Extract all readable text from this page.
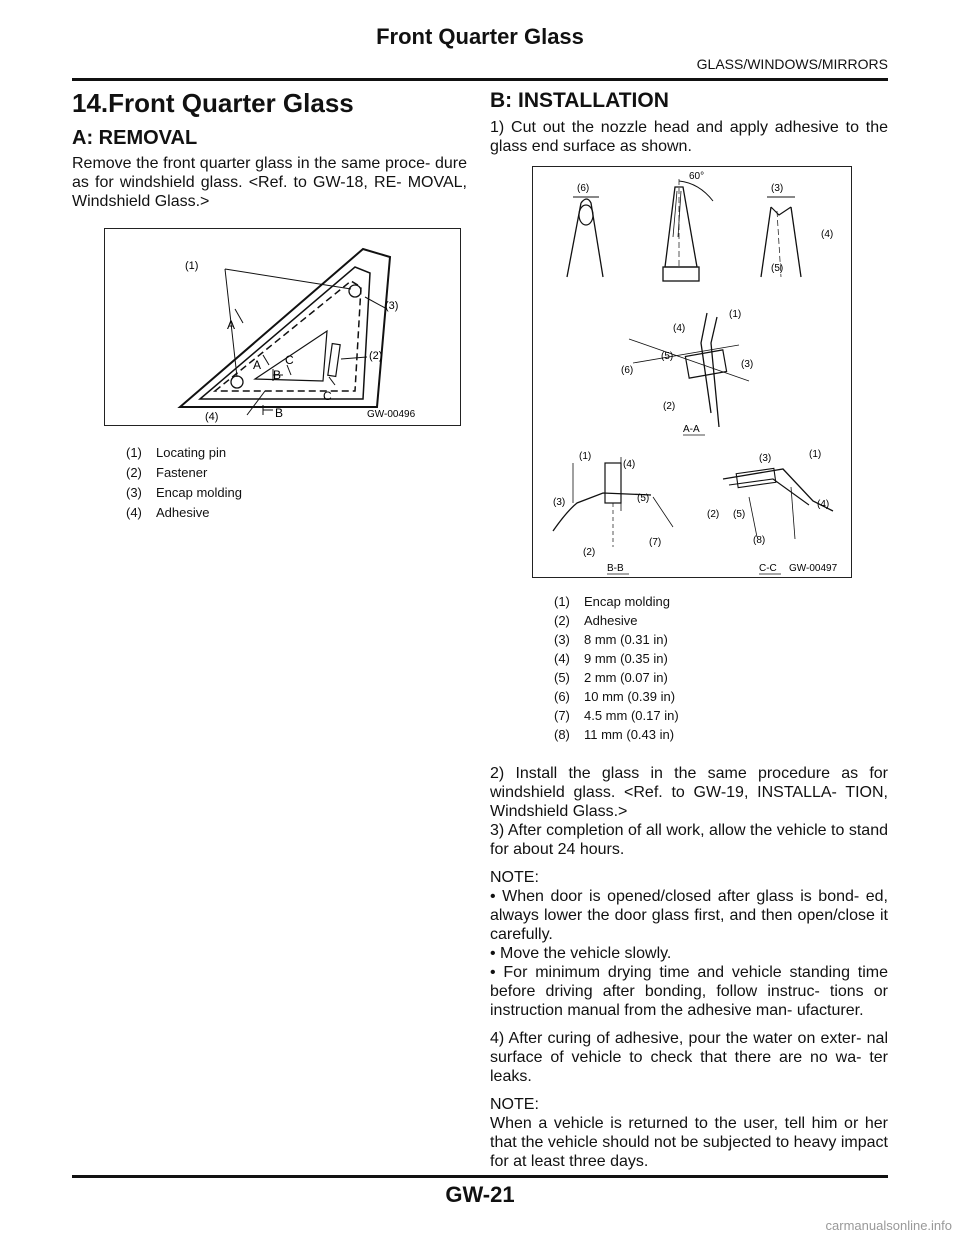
Front Quarter Glass
GLASS/WINDOWS/MIRRORS
14.Front Quarter Glass
A: REMOVAL

Remove the front quarter glass in the same proce- dure as for windshield glass. <Ref. to GW-18, RE- MOVAL, Windshield Glass.>

(1)
(3)
(2)
(4)
A
A C
B
C
B	GW-00496
(1)	Locating pin
(2)	Fastener
(3)	Encap molding
(4)	Adhesive
B: INSTALLATION

1) Cut out the nozzle head and apply adhesive to the glass end surface as shown.

(6)
60°
(3)
(4)
(5)
(4)
(1)
(3)
(6)
(5)
(2)
A-A
(1)
(4)
(3)	(5)
(2)
(7)
B-B
(3)	(1)
(4)
(2) (5)
(8)
C-C GW-00497
(1)	Encap molding
(2)	Adhesive
(3)	8 mm (0.31 in)
(4)	9 mm (0.35 in)
(5)	2 mm (0.07 in)
(6)	10 mm (0.39 in)
(7)	4.5 mm (0.17 in)
(8)	11 mm (0.43 in)

2) Install the glass in the same procedure as for windshield glass. <Ref. to GW-19, INSTALLA- TION, Windshield Glass.>

3) After completion of all work, allow the vehicle to stand for about 24 hours.

NOTE:

• When door is opened/closed after glass is bond- ed, always lower the door glass first, and then open/close it carefully.

• Move the vehicle slowly.

• For minimum drying time and vehicle standing time before driving after bonding, follow instruc- tions or instruction manual from the adhesive man- ufacturer.

4) After curing of adhesive, pour the water on exter- nal surface of vehicle to check that there are no wa- ter leaks.

NOTE:

When a vehicle is returned to the user, tell him or her that the vehicle should not be subjected to heavy impact for at least three days.

GW-21
carmanualsonline.info
